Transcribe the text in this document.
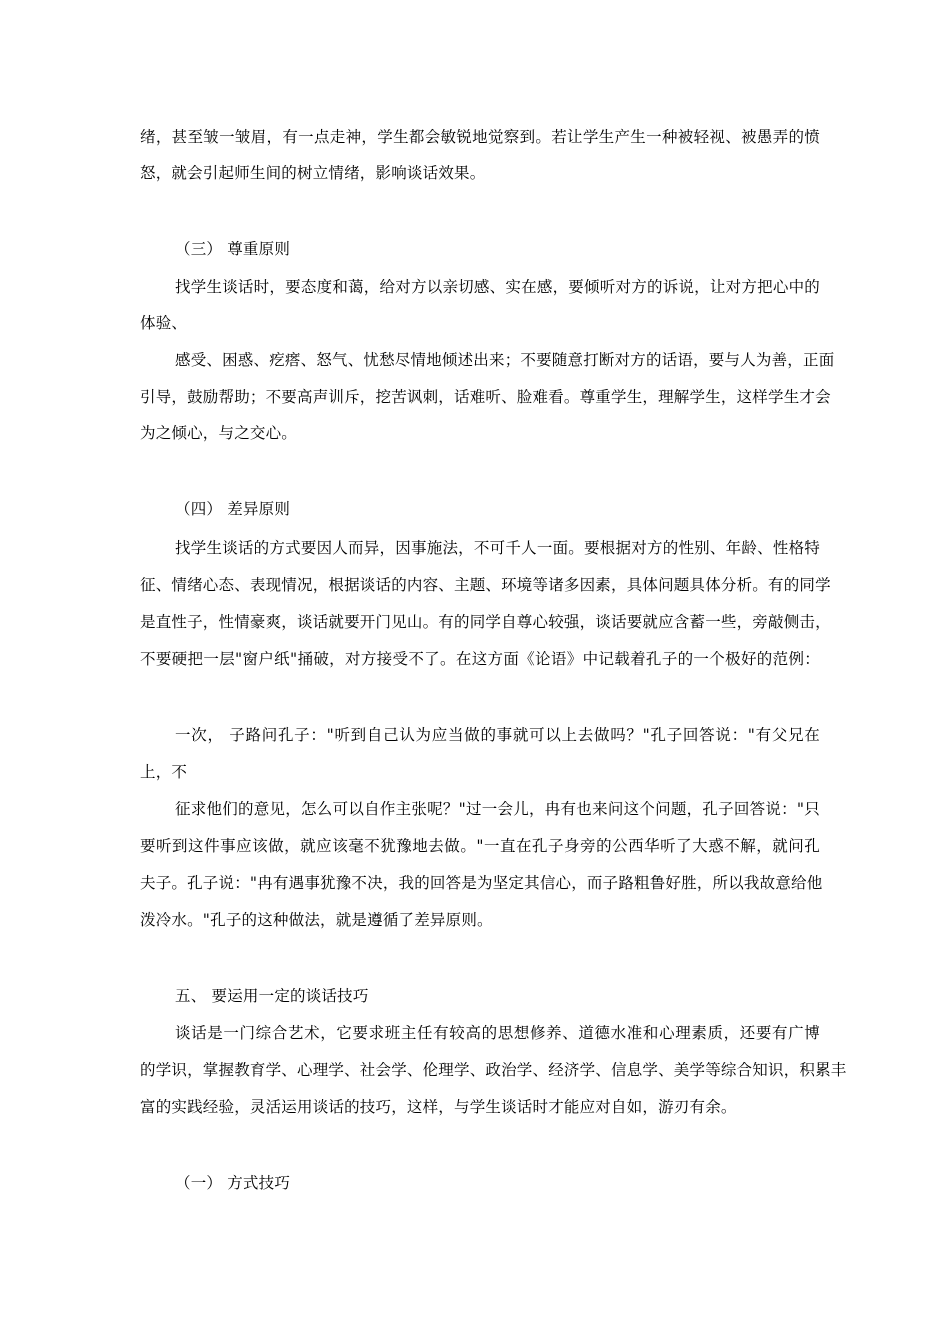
绪，甚至皱一皱眉，有一点走神，学生都会敏锐地觉察到。若让学生产生一种被轻视、被愚弄的愤
怒，就会引起师生间的树立情绪，影响谈话效果。
（三） 尊重原则
找学生谈话时，要态度和蔼，给对方以亲切感、实在感，要倾听对方的诉说，让对方把心中的
体验、
感受、困惑、疙瘩、怒气、忧愁尽情地倾述出来；不要随意打断对方的话语，要与人为善，正面
引导，鼓励帮助；不要高声训斥，挖苦讽刺，话难听、脸难看。尊重学生，理解学生，这样学生才会
为之倾心，与之交心。
（四） 差异原则
找学生谈话的方式要因人而异，因事施法，不可千人一面。要根据对方的性别、年龄、性格特
征、情绪心态、表现情况，根据谈话的内容、主题、环境等诸多因素，具体问题具体分析。有的同学
是直性子，性情豪爽，谈话就要开门见山。有的同学自尊心较强，谈话要就应含蓄一些，旁敲侧击，
不要硬把一层"窗户纸"捅破，对方接受不了。在这方面《论语》中记载着孔子的一个极好的范例：
一次， 子路问孔子："听到自己认为应当做的事就可以上去做吗？"孔子回答说："有父兄在
上，不
征求他们的意见，怎么可以自作主张呢？"过一会儿，冉有也来问这个问题，孔子回答说："只
要听到这件事应该做，就应该毫不犹豫地去做。"一直在孔子身旁的公西华听了大惑不解，就问孔
夫子。孔子说："冉有遇事犹豫不决，我的回答是为坚定其信心，而子路粗鲁好胜，所以我故意给他
泼冷水。"孔子的这种做法，就是遵循了差异原则。
五、 要运用一定的谈话技巧
谈话是一门综合艺术，它要求班主任有较高的思想修养、道德水准和心理素质，还要有广博
的学识，掌握教育学、心理学、社会学、伦理学、政治学、经济学、信息学、美学等综合知识，积累丰
富的实践经验，灵活运用谈话的技巧，这样，与学生谈话时才能应对自如，游刃有余。
（一） 方式技巧
